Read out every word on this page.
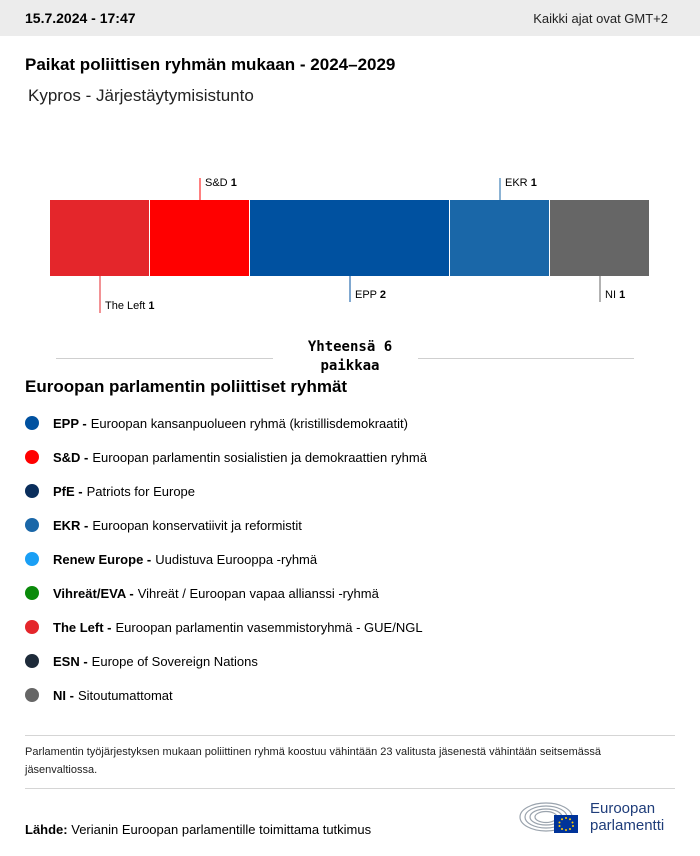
15.7.2024 - 17:47	Kaikki ajat ovat GMT+2
Paikat poliittisen ryhmän mukaan - 2024–2029
Kypros - Järjestäytymisistunto
The Left 1
S&D 1
EPP 2
EKR 1
NI 1
Yhteensä 6 paikkaa
Euroopan parlamentin poliittiset ryhmät
EPP - Euroopan kansanpuolueen ryhmä (kristillisdemokraatit)
S&D - Euroopan parlamentin sosialistien ja demokraattien ryhmä
PfE - Patriots for Europe
EKR - Euroopan konservatiivit ja reformistit
Renew Europe - Uudistuva Eurooppa -ryhmä
Vihreät/EVA - Vihreät / Euroopan vapaa allianssi -ryhmä
The Left - Euroopan parlamentin vasemmistoryhmä - GUE/NGL
ESN - Europe of Sovereign Nations
NI - Sitoutumattomat
Parlamentin työjärjestyksen mukaan poliittinen ryhmä koostuu vähintään 23 valitusta jäsenestä vähintään seitsemässä jäsenvaltiossa.
Lähde: Verianin Euroopan parlamentille toimittama tutkimus
Euroopan
parlamentti
